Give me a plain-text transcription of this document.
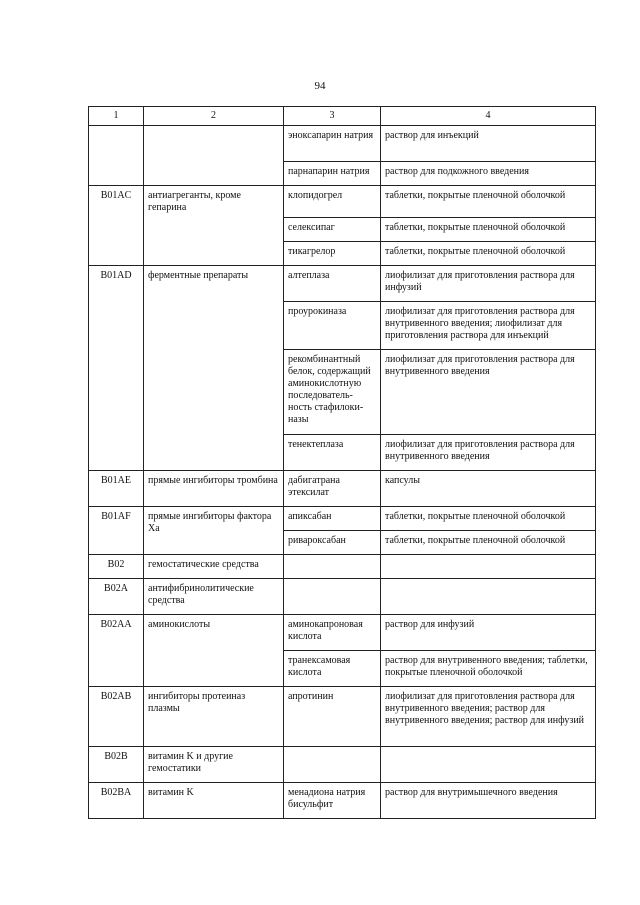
94
1	2	3	4
		эноксапарин натрия	раствор для инъекций
		парнапарин натрия	раствор для подкожного введения
B01AC	антиагреганты, кроме гепарина	клопидогрел	таблетки, покрытые пленочной оболочкой
		селексипаг	таблетки, покрытые пленочной оболочкой
		тикагрелор	таблетки, покрытые пленочной оболочкой
B01AD	ферментные препараты	алтеплаза	лиофилизат для приготовления раствора для инфузий
		проурокиназа	лиофилизат для приготовления раствора для внутривенного введения; лиофилизат для приготовления раствора для инъекций
		рекомбинантный белок, содержащий аминокислотную последователь-ность стафилоки-назы	лиофилизат для приготовления раствора для внутривенного введения
		тенектеплаза	лиофилизат для приготовления раствора для внутривенного введения
B01AE	прямые ингибиторы тромбина	дабигатрана этексилат	капсулы
B01AF	прямые ингибиторы фактора Xa	апиксабан	таблетки, покрытые пленочной оболочкой
		ривароксабан	таблетки, покрытые пленочной оболочкой
B02	гемостатические средства		
B02A	антифибринолитические средства		
B02AA	аминокислоты	аминокапроновая кислота	раствор для инфузий
		транексамовая кислота	раствор для внутривенного введения; таблетки, покрытые пленочной оболочкой
B02AB	ингибиторы протеиназ плазмы	апротинин	лиофилизат для приготовления раствора для внутривенного введения; раствор для внутривенного введения; раствор для инфузий
B02B	витамин K и другие гемостатики		
B02BA	витамин K	менадиона натрия бисульфит	раствор для внутримышечного введения
